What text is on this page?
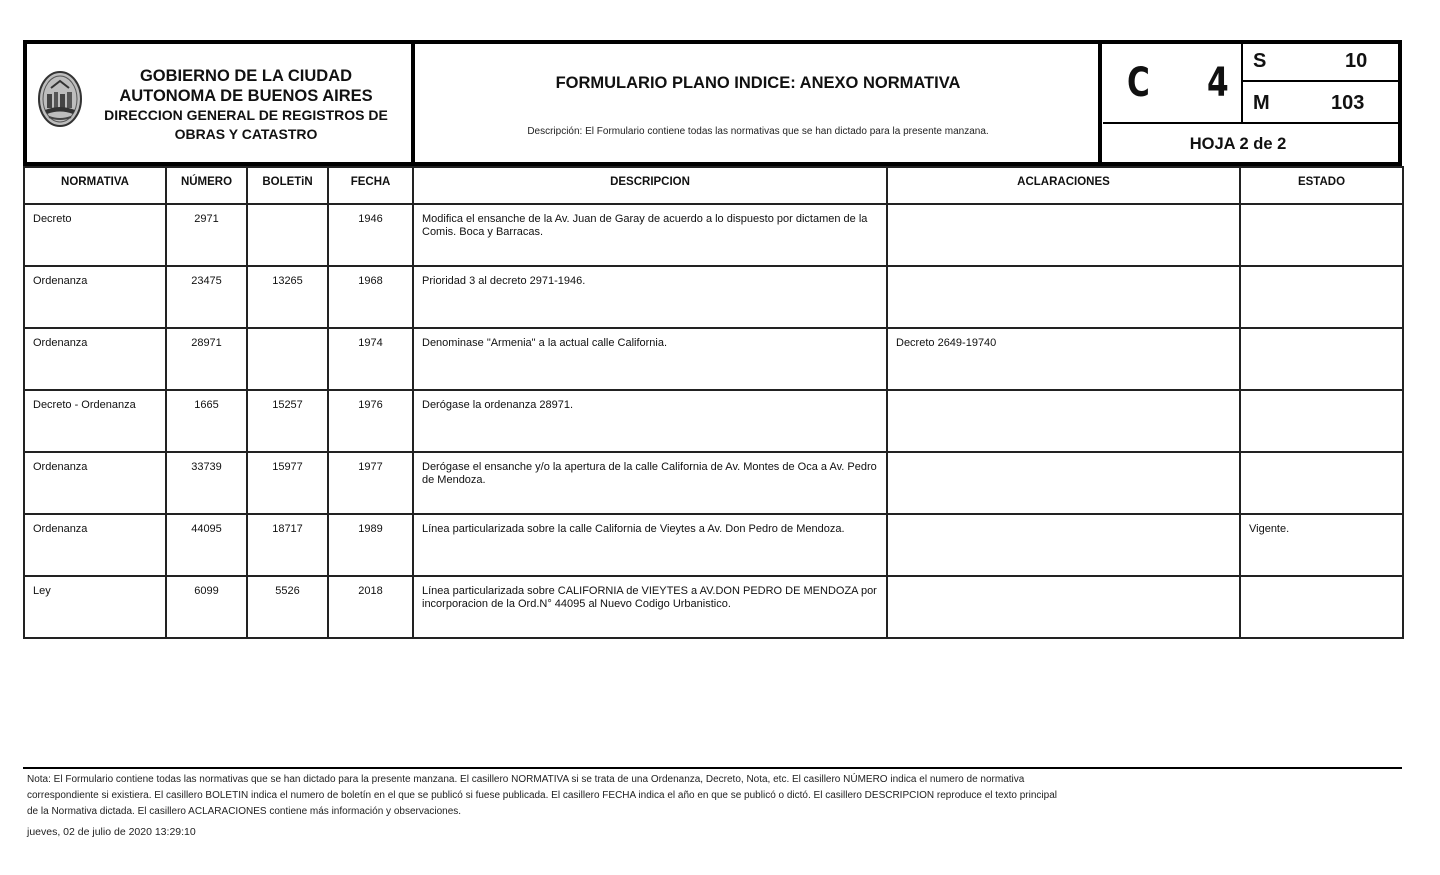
GOBIERNO DE LA CIUDAD
AUTONOMA DE BUENOS AIRES
DIRECCION GENERAL DE REGISTROS DE
OBRAS Y CATASTRO
FORMULARIO PLANO INDICE: ANEXO NORMATIVA
Descripción: El Formulario contiene todas las normativas que se han dictado para la presente manzana.
C 4 S	10
M	103
HOJA 2 de 2
NORMATIVA	NÚMERO	BOLETiN	FECHA	DESCRIPCION	ACLARACIONES	ESTADO
Decreto	2971		1946	Modifica el ensanche de la Av. Juan de Garay de acuerdo a lo dispuesto por dictamen de la Comis. Boca y Barracas.		
Ordenanza	23475	13265	1968	Prioridad 3 al decreto 2971-1946.		
Ordenanza	28971		1974	Denominase "Armenia" a la actual calle California.	Decreto 2649-19740	
Decreto - Ordenanza	1665	15257	1976	Derógase la ordenanza 28971.		
Ordenanza	33739	15977	1977	Derógase el ensanche y/o la apertura de la calle California de Av. Montes de Oca a Av. Pedro de Mendoza.		
Ordenanza	44095	18717	1989	Línea particularizada sobre la calle California de Vieytes a Av. Don Pedro de Mendoza.		Vigente.
Ley	6099	5526	2018	Línea particularizada sobre CALIFORNIA de VIEYTES a AV.DON PEDRO DE MENDOZA por incorporacion de la Ord.N° 44095 al Nuevo Codigo Urbanistico.		
Nota: El Formulario contiene todas las normativas que se han dictado para la presente manzana. El casillero NORMATIVA si se trata de una Ordenanza, Decreto, Nota, etc. El casillero NÚMERO indica el numero de normativa
correspondiente si existiera. El casillero BOLETIN indica el numero de boletín en el que se publicó si fuese publicada. El casillero FECHA indica el año en que se publicó o dictó. El casillero DESCRIPCION reproduce el texto principal
de la Normativa dictada. El casillero ACLARACIONES contiene más información y observaciones.
jueves, 02 de julio de 2020 13:29:10
